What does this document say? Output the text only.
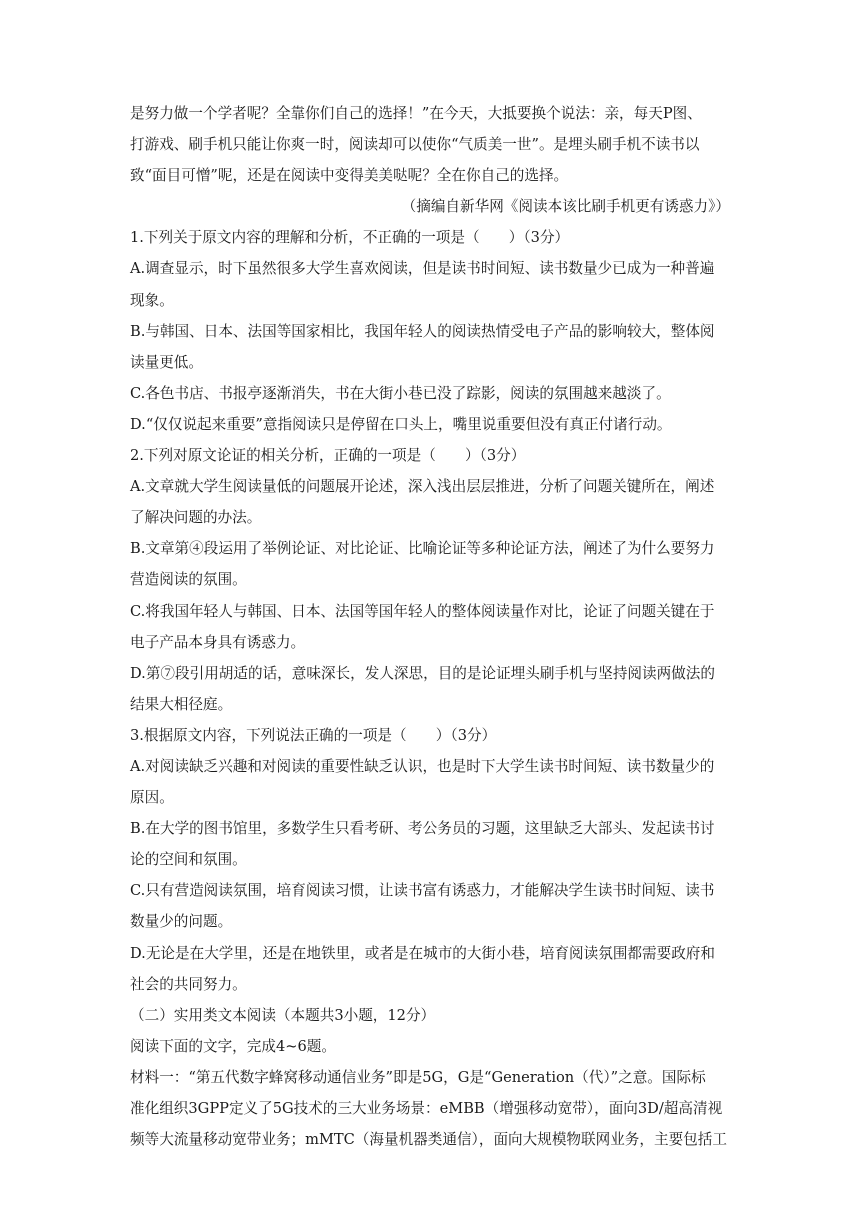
是努力做一个学者呢？全靠你们自己的选择！”在今天，大抵要换个说法：亲，每天P图、
打游戏、刷手机只能让你爽一时，阅读却可以使你“气质美一世”。是埋头刷手机不读书以
致“面目可憎”呢，还是在阅读中变得美美哒呢？全在你自己的选择。
（摘编自新华网《阅读本该比刷手机更有诱惑力》）
1.下列关于原文内容的理解和分析，不正确的一项是（　　）（3分）
A.调查显示，时下虽然很多大学生喜欢阅读，但是读书时间短、读书数量少已成为一种普遍
现象。
B.与韩国、日本、法国等国家相比，我国年轻人的阅读热情受电子产品的影响较大，整体阅
读量更低。
C.各色书店、书报亭逐渐消失，书在大街小巷已没了踪影，阅读的氛围越来越淡了。
D.“仅仅说起来重要”意指阅读只是停留在口头上，嘴里说重要但没有真正付诸行动。
2.下列对原文论证的相关分析，正确的一项是（　　）（3分）
A.文章就大学生阅读量低的问题展开论述，深入浅出层层推进，分析了问题关键所在，阐述
了解决问题的办法。
B.文章第④段运用了举例论证、对比论证、比喻论证等多种论证方法，阐述了为什么要努力
营造阅读的氛围。
C.将我国年轻人与韩国、日本、法国等国年轻人的整体阅读量作对比，论证了问题关键在于
电子产品本身具有诱惑力。
D.第⑦段引用胡适的话，意味深长，发人深思，目的是论证埋头刷手机与坚持阅读两做法的
结果大相径庭。
3.根据原文内容，下列说法正确的一项是（　　）（3分）
A.对阅读缺乏兴趣和对阅读的重要性缺乏认识，也是时下大学生读书时间短、读书数量少的
原因。
B.在大学的图书馆里，多数学生只看考研、考公务员的习题，这里缺乏大部头、发起读书讨
论的空间和氛围。
C.只有营造阅读氛围，培育阅读习惯，让读书富有诱惑力，才能解决学生读书时间短、读书
数量少的问题。
D.无论是在大学里，还是在地铁里，或者是在城市的大街小巷，培育阅读氛围都需要政府和
社会的共同努力。
（二）实用类文本阅读（本题共3小题，12分）
阅读下面的文字，完成4~6题。
材料一：“第五代数字蜂窝移动通信业务”即是5G，G是“Generation（代）”之意。国际标
准化组织3GPP定义了5G技术的三大业务场景：eMBB（增强移动宽带），面向3D/超高清视
频等大流量移动宽带业务；mMTC（海量机器类通信），面向大规模物联网业务，主要包括工
